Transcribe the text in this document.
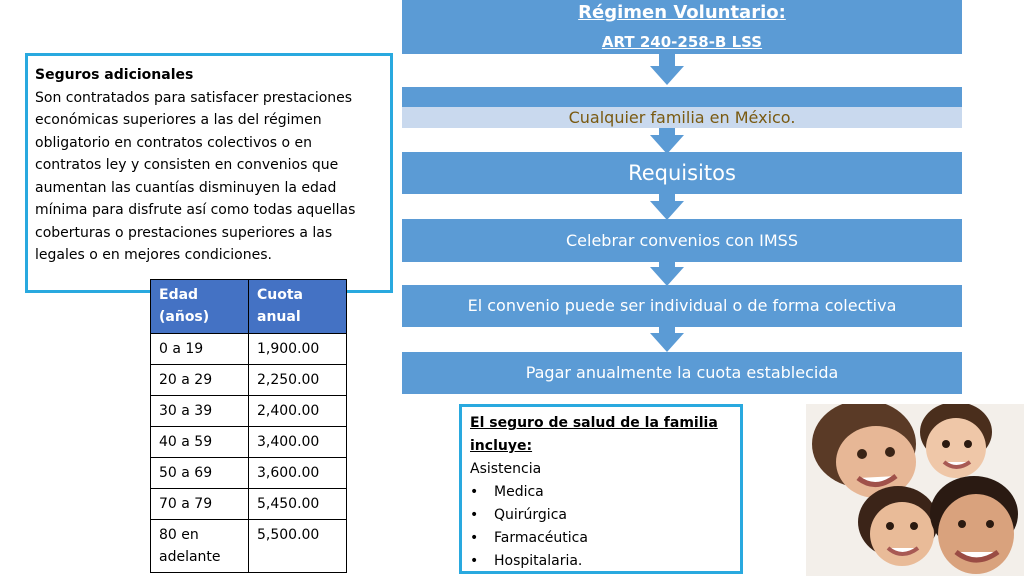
Régimen Voluntario:
ART 240-258-B LSS
Cualquier familia en México.
Requisitos
Celebrar convenios con IMSS
El convenio puede ser individual o de forma colectiva
Pagar anualmente la cuota establecida
Seguros adicionales
Son contratados para satisfacer prestaciones económicas superiores a las del régimen obligatorio en contratos colectivos o en contratos ley y consisten en convenios que aumentan las cuantías disminuyen la edad mínima para disfrute así como todas aquellas coberturas o prestaciones superiores a las legales o en mejores condiciones.
Edad (años)	Cuota anual
0 a 19	1,900.00
20 a 29	2,250.00
30 a 39	2,400.00
40 a 59	3,400.00
50 a 69	3,600.00
70 a 79	5,450.00
80 en adelante	5,500.00
El seguro de salud de la familia incluye:
Asistencia
• Medica
• Quirúrgica
• Farmacéutica
• Hospitalaria.
